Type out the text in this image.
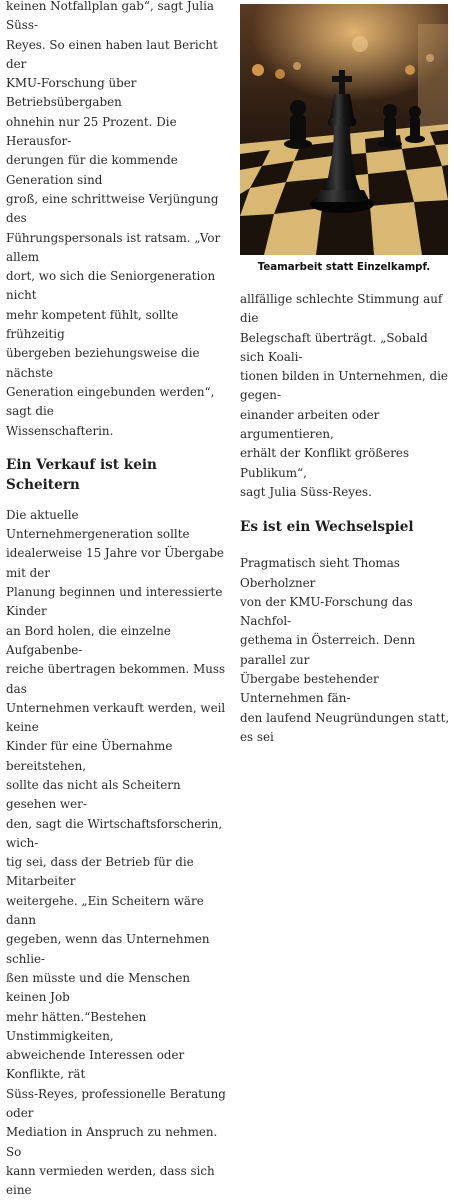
keinen Notfallplan gab“, sagt Julia Süss-
Reyes. So einen haben laut Bericht der
KMU-Forschung über Betriebsübergaben
ohnehin nur 25 Prozent. Die Herausfor-
derungen für die kommende Generation sind
groß, eine schrittweise Verjüngung des
Führungspersonals ist ratsam. „Vor allem
dort, wo sich die Seniorgeneration nicht
mehr kompetent fühlt, sollte frühzeitig
übergeben beziehungsweise die nächste
Generation eingebunden werden“, sagt die
Wissenschafterin.

Ein Verkauf ist kein Scheitern

Die aktuelle Unternehmergeneration sollte
idealerweise 15 Jahre vor Übergabe mit der
Planung beginnen und interessierte Kinder
an Bord holen, die einzelne Aufgabenbe-
reiche übertragen bekommen. Muss das
Unternehmen verkauft werden, weil keine
Kinder für eine Übernahme bereitstehen,
sollte das nicht als Scheitern gesehen wer-
den, sagt die Wirtschaftsforscherin, wich-
tig sei, dass der Betrieb für die Mitarbeiter
weitergehe. „Ein Scheitern wäre dann
gegeben, wenn das Unternehmen schlie-
ßen müsste und die Menschen keinen Job
mehr hätten.“Bestehen Unstimmigkeiten,
abweichende Interessen oder Konflikte, rät
Süss-Reyes, professionelle Beratung oder
Mediation in Anspruch zu nehmen. So
kann vermieden werden, dass sich eine

Teamarbeit statt Einzelkampf.

allfällige schlechte Stimmung auf die
Belegschaft überträgt. „Sobald sich Koali-
tionen bilden in Unternehmen, die gegen-
einander arbeiten oder argumentieren,
erhält der Konflikt größeres Publikum“,
sagt Julia Süss-Reyes.

Es ist ein Wechselspiel

Pragmatisch sieht Thomas Oberholzner
von der KMU-Forschung das Nachfol-
gethema in Österreich. Denn parallel zur
Übergabe bestehender Unternehmen fän-
den laufend Neugründungen statt, es sei
